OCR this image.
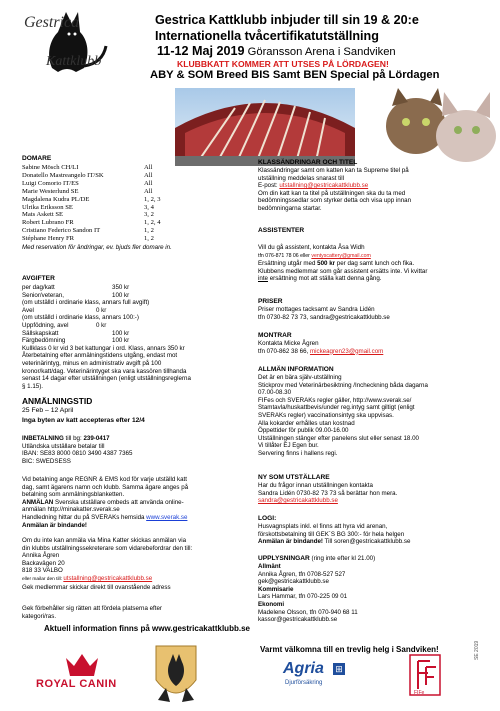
Gestrica
Kattklubb
Gestrica Kattklubb inbjuder till sin 19 & 20:e
Internationella tvåcertifikatutställning
11-12 Maj 2019 Göransson Arena i Sandviken
KLUBBKATT KOMMER ATT UTSES PÅ LÖRDAGEN!
ABY & SOM Breed BIS Samt BEN Special på Lördagen
DOMARE
Sabine Mösch CH/LI	All
Donatello Mastreangelo IT/SK	All
Luigi Comorio IT/ES	All
Marie Westerlund SE	All
Magdalena Kudra PL/DE	1, 2, 3
Ulrika Eriksson SE	3, 4
Mats Askett SE	3, 2
Robert Lubrano FR	1, 2, 4
Cristiano Federico Sandon IT	1, 2
Stéphane Henry FR	1, 2
Med reservation för ändringar, ev. bjuds fler domare in.
AVGIFTER
per dag/katt	350 kr
Senior/veteran,	100 kr
(om utställd i ordinarie klass, annars full avgift)
Avel	0 kr
(om utställd i ordinarie klass, annars 100:-)
Uppfödning, avel	0 kr
Sällskapskatt	100 kr
Färgbedömning	100 kr
Kullklass 0 kr vid 3 bet kattungar i ord. Klass, annars 350 kr
Återbetalning efter anmälningstidens utgång, endast mot
veterinärintyg, minus en administrativ avgift på 100
kronor/katt/dag. Veterinärintyget ska vara kassören tillhanda
senast 14 dagar efter utställningen (enligt utställningsreglerna
§ 1.15).
ANMÄLNINGSTID
25 Feb – 12 April
Inga byten av katt accepteras efter 12/4
INBETALNING till bg: 239-0417
Utländska utställare betalar till
IBAN: SE83 8000 0810 3490 4387 7365
BIC: SWEDSESS
Vid betalning ange REGNR & EMS kod för varje utställd katt
dag, samt ägarens namn och klubb. Samma ägare anges på
betalning som anmälningsblanketten.
ANMÄLAN Svenska utställare ombeds att använda online-
anmälan http://minakatter.sverak.se
Handledning hittar du på SVERAKs hemsida www.sverak.se
Anmälan är bindande!
Om du inte kan anmäla via Mina Katter skickas anmälan via
din klubbs utställningssekreterare som vidarebefordrar den till:
Annika Ågren
Backavägen 20
818 33 VALBO
eller mailar den till: utstallning@gestricakattklubb.se
Gek medlemmar skickar direkt till ovanstående adress
Gek förbehåller sig rätten att fördela platserna efter
kategori/ras.
KLASSÄNDRINGAR OCH TITEL
Klassändringar samt om katten kan ta Supreme titel på
utställning meddelas snarast till
E-post: utstallning@gestricakattklubb.se
Om din katt kan ta titel på utställningen ska du ta med
bedömningssedlar som styrker detta och visa upp innan
bedömningarna startar.
ASSISTENTER
Vill du gå assistent, kontakta Åsa Widh
tfn 076-871 78 06 eller ventyscattery@gmail.com
Ersättning utgår med 500 kr per dag samt lunch och fika.
Klubbens medlemmar som går assistent ersätts inte. Vi kvittar
inte ersättning mot att ställa katt denna gång.
PRISER
Priser mottages tacksamt av Sandra Lidén
tfn 0730-82 73 73, sandra@gestricakattklubb.se
MONTRAR
Kontakta Micke Ågren
tfn 070-862 38 66, mickeagren23@gmail.com
ALLMÄN INFORMATION
Det är en bära själv-utställning
Stickprov med Veterinärbesiktning /Incheckning båda dagarna
07.00-08.30
FIFes och SVERAKs regler gäller, http://www.sverak.se/
Stamtavla/huskattbevis/under reg.intyg samt giltigt (enligt
SVERAKs regler) vaccinationsintyg ska uppvisas.
Alla kokarder erhålles utan kostnad
Öppettider för publik 09.00-16.00
Utställningen stänger efter panelens slut eller senast 18.00
Vi tillåter EJ Egen bur.
Servering finns i hallens regi.
NY SOM UTSTÄLLARE
Har du frågor innan utställningen kontakta
Sandra Lidén 0730-82 73 73 så berättar hon mera.
sandra@gestricakattklubb.se
LOGI:
Husvagnsplats inkl. el finns att hyra vid arenan,
förskottsbetalning till GEK´S BG 300:- för hela helgen
Anmälan är bindande! Till soren@gestricakattklubb.se
UPPLYSNINGAR (ring inte efter kl 21.00)
Allmänt
Annika Ågren, tfn 0708-527 527
gek@gestricakattklubb.se
Kommisarie
Lars Hammar, tfn 070-225 09 01
Ekonomi
Madelene Olsson, tfn 070-940 68 11
kassor@gestricakattklubb.se
Aktuell information finns på www.gestricakattklubb.se
Varmt välkomna till en trevlig helg i Sandviken!
ROYAL CANIN
Agria ⊞
Djurförsäkring
FIFe
SE 2019
